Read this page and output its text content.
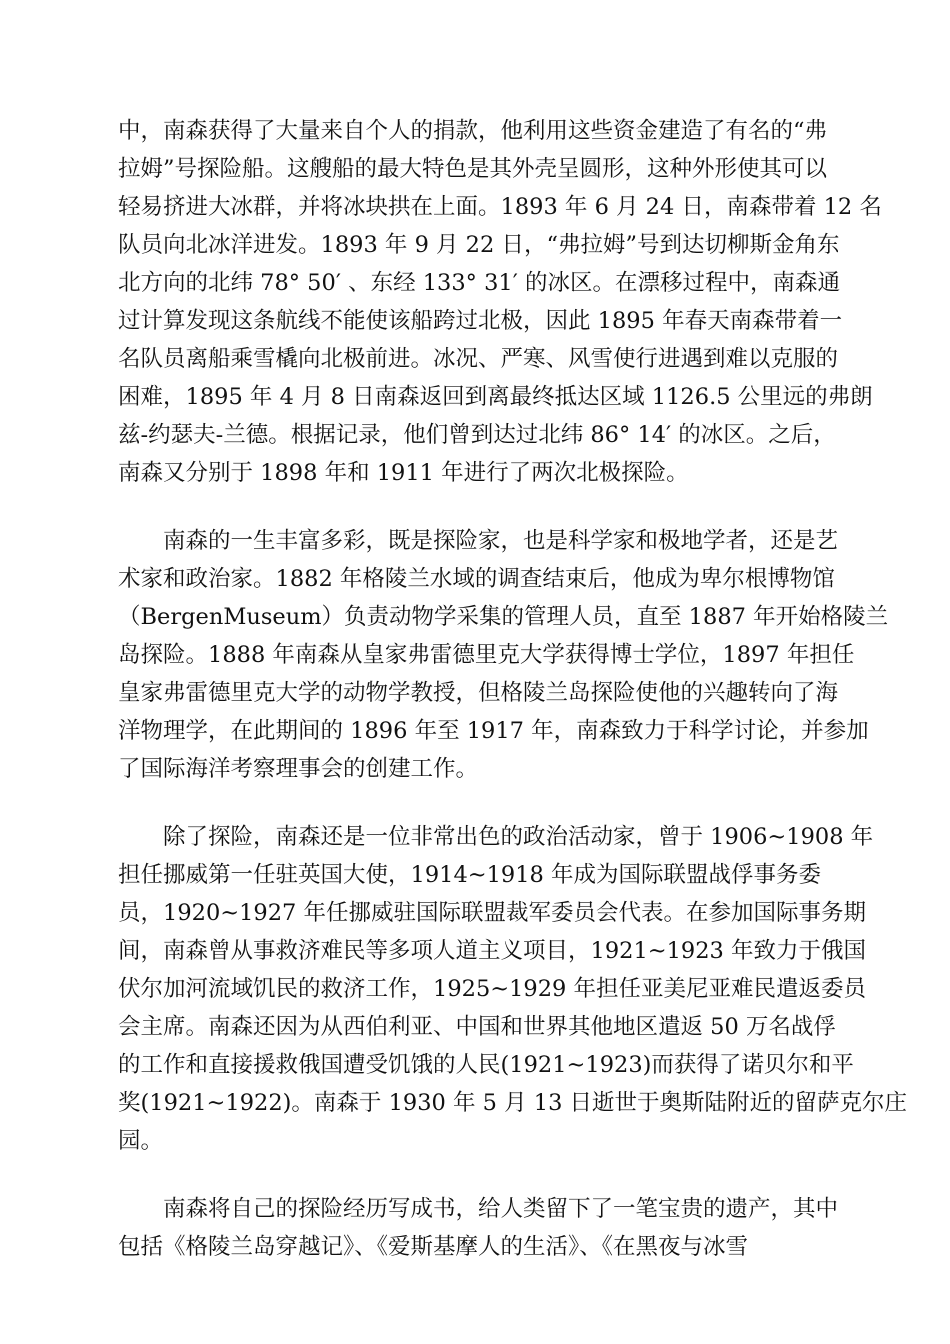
中，南森获得了大量来自个人的捐款，他利用这些资金建造了有名的“弗
拉姆”号探险船。这艘船的最大特色是其外壳呈圆形，这种外形使其可以
轻易挤进大冰群，并将冰块拱在上面。1893 年 6 月 24 日，南森带着 12 名
队员向北冰洋进发。1893 年 9 月 22 日，“弗拉姆”号到达切柳斯金角东
北方向的北纬 78° 50′ 、东经 133° 31′ 的冰区。在漂移过程中，南森通
过计算发现这条航线不能使该船跨过北极，因此 1895 年春天南森带着一
名队员离船乘雪橇向北极前进。冰况、严寒、风雪使行进遇到难以克服的
困难，1895 年 4 月 8 日南森返回到离最终抵达区域 1126.5 公里远的弗朗
兹-约瑟夫-兰德。根据记录，他们曾到达过北纬 86° 14′ 的冰区。之后，
南森又分别于 1898 年和 1911 年进行了两次北极探险。
　　南森的一生丰富多彩，既是探险家，也是科学家和极地学者，还是艺
术家和政治家。1882 年格陵兰水域的调查结束后，他成为卑尔根博物馆
（BergenMuseum）负责动物学采集的管理人员，直至 1887 年开始格陵兰
岛探险。1888 年南森从皇家弗雷德里克大学获得博士学位，1897 年担任
皇家弗雷德里克大学的动物学教授，但格陵兰岛探险使他的兴趣转向了海
洋物理学，在此期间的 1896 年至 1917 年，南森致力于科学讨论，并参加
了国际海洋考察理事会的创建工作。
　　除了探险，南森还是一位非常出色的政治活动家，曾于 1906~1908 年
担任挪威第一任驻英国大使，1914~1918 年成为国际联盟战俘事务委
员，1920~1927 年任挪威驻国际联盟裁军委员会代表。在参加国际事务期
间，南森曾从事救济难民等多项人道主义项目，1921~1923 年致力于俄国
伏尔加河流域饥民的救济工作，1925~1929 年担任亚美尼亚难民遣返委员
会主席。南森还因为从西伯利亚、中国和世界其他地区遣返 50 万名战俘
的工作和直接援救俄国遭受饥饿的人民(1921~1923)而获得了诺贝尔和平
奖(1921~1922)。南森于 1930 年 5 月 13 日逝世于奥斯陆附近的留萨克尔庄
园。
　　南森将自己的探险经历写成书，给人类留下了一笔宝贵的遗产，其中
包括《格陵兰岛穿越记》、《爱斯基摩人的生活》、《在黑夜与冰雪
